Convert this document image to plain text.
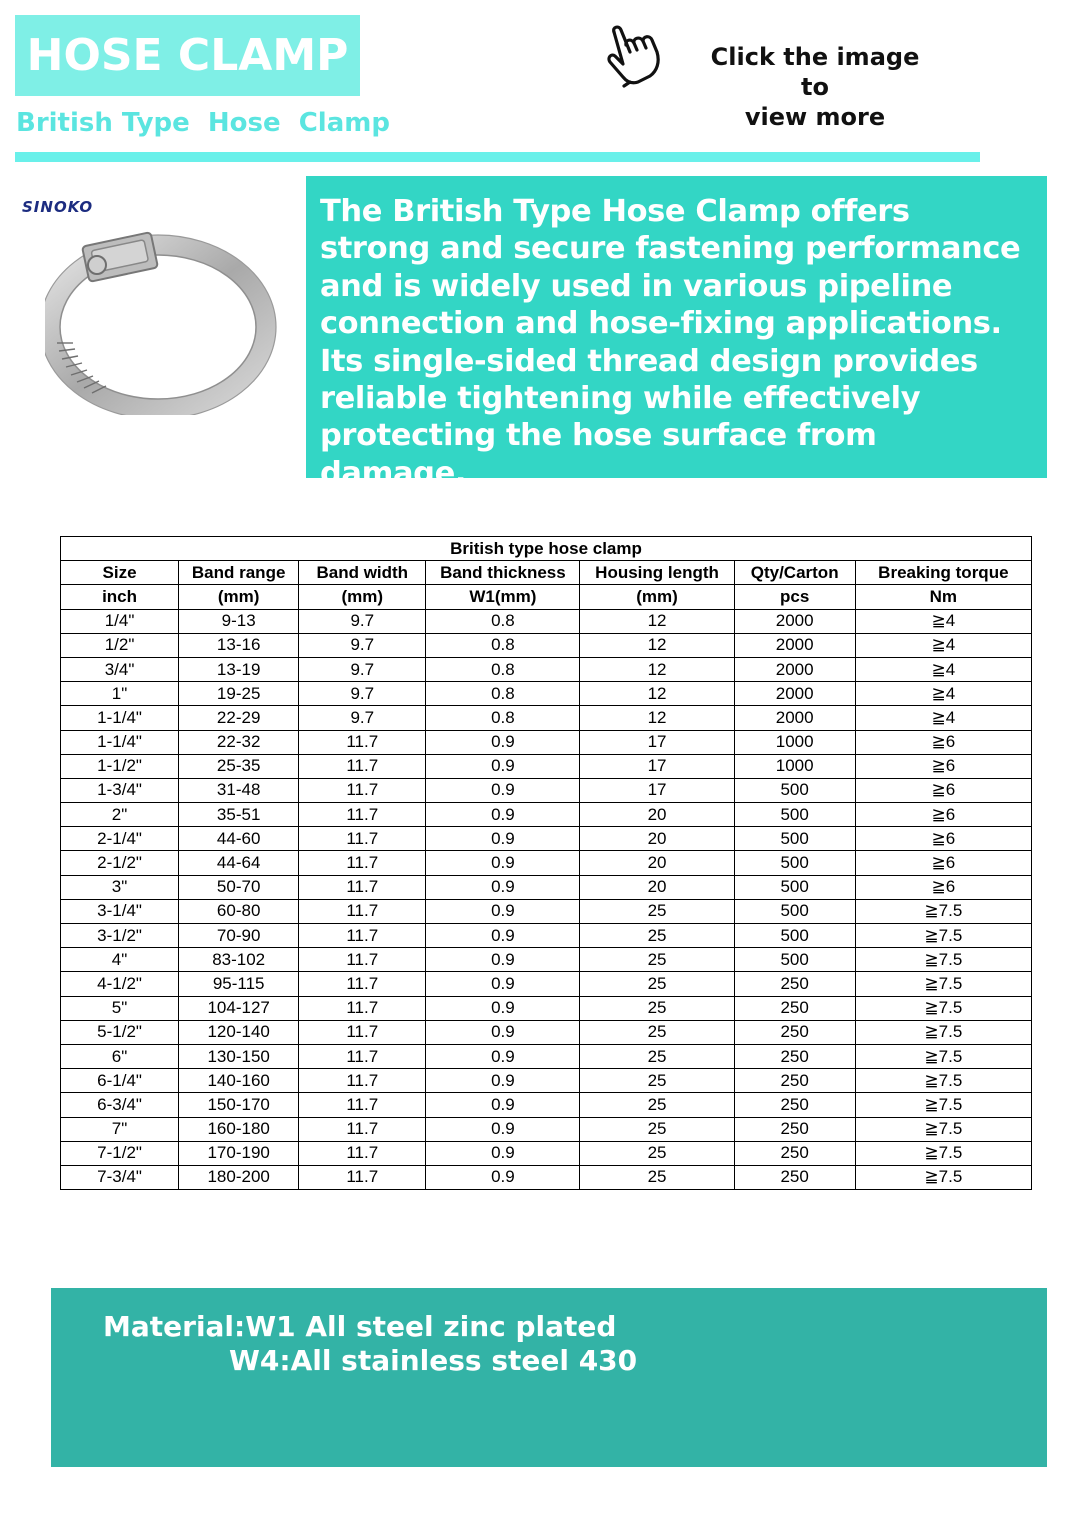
HOSE CLAMP
British Type  Hose  Clamp
Click the image to
view more
SINOKO	The British Type Hose Clamp offers strong and secure fastening performance and is widely used in various pipeline connection and hose-fixing applications. Its single-sided thread design provides reliable tightening while effectively protecting the hose surface from damage.
British type hose clamp						
Size	Band range	Band width	Band thickness	Housing length	Qty/Carton	Breaking torque
inch	(mm)	(mm)	W1(mm)	(mm)	pcs	Nm
1/4"	9-13	9.7	0.8	12	2000	≧4
1/2"	13-16	9.7	0.8	12	2000	≧4
3/4"	13-19	9.7	0.8	12	2000	≧4
1"	19-25	9.7	0.8	12	2000	≧4
1-1/4"	22-29	9.7	0.8	12	2000	≧4
1-1/4"	22-32	11.7	0.9	17	1000	≧6
1-1/2"	25-35	11.7	0.9	17	1000	≧6
1-3/4"	31-48	11.7	0.9	17	500	≧6
2"	35-51	11.7	0.9	20	500	≧6
2-1/4"	44-60	11.7	0.9	20	500	≧6
2-1/2"	44-64	11.7	0.9	20	500	≧6
3"	50-70	11.7	0.9	20	500	≧6
3-1/4"	60-80	11.7	0.9	25	500	≧7.5
3-1/2"	70-90	11.7	0.9	25	500	≧7.5
4"	83-102	11.7	0.9	25	500	≧7.5
4-1/2"	95-115	11.7	0.9	25	250	≧7.5
5"	104-127	11.7	0.9	25	250	≧7.5
5-1/2"	120-140	11.7	0.9	25	250	≧7.5
6"	130-150	11.7	0.9	25	250	≧7.5
6-1/4"	140-160	11.7	0.9	25	250	≧7.5
6-3/4"	150-170	11.7	0.9	25	250	≧7.5
7"	160-180	11.7	0.9	25	250	≧7.5
7-1/2"	170-190	11.7	0.9	25	250	≧7.5
7-3/4"	180-200	11.7	0.9	25	250	≧7.5
Material:W1 All steel zinc plated
W4:All stainless steel 430
